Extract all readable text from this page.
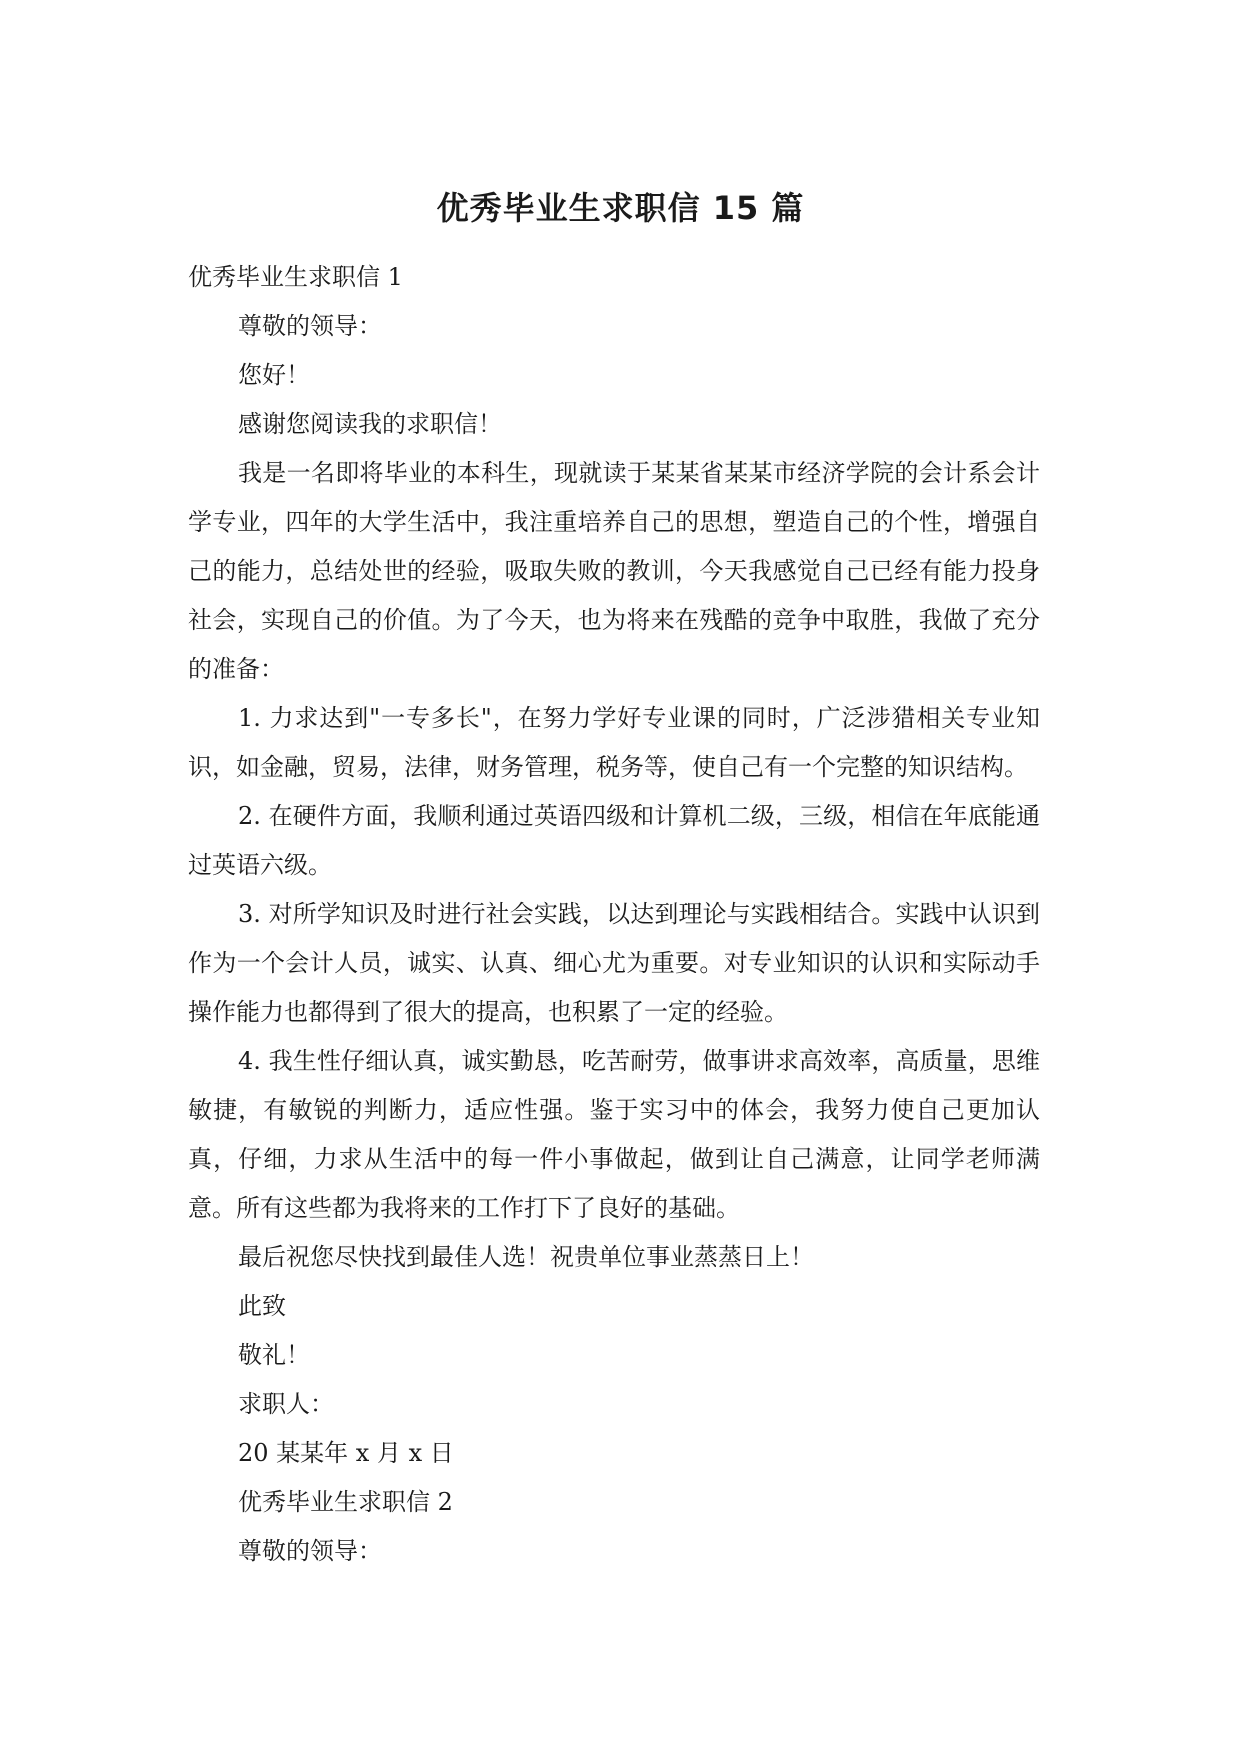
优秀毕业生求职信 15 篇

优秀毕业生求职信 1

尊敬的领导：

您好！

感谢您阅读我的求职信！

我是一名即将毕业的本科生，现就读于某某省某某市经济学院的会计系会计学专业，四年的大学生活中，我注重培养自己的思想，塑造自己的个性，增强自己的能力，总结处世的经验，吸取失败的教训，今天我感觉自己已经有能力投身社会，实现自己的价值。为了今天，也为将来在残酷的竞争中取胜，我做了充分的准备：

1. 力求达到"一专多长"，在努力学好专业课的同时，广泛涉猎相关专业知识，如金融，贸易，法律，财务管理，税务等，使自己有一个完整的知识结构。

2. 在硬件方面，我顺利通过英语四级和计算机二级，三级，相信在年底能通过英语六级。

3. 对所学知识及时进行社会实践，以达到理论与实践相结合。实践中认识到作为一个会计人员，诚实、认真、细心尤为重要。对专业知识的认识和实际动手操作能力也都得到了很大的提高，也积累了一定的经验。

4. 我生性仔细认真，诚实勤恳，吃苦耐劳，做事讲求高效率，高质量，思维敏捷，有敏锐的判断力，适应性强。鉴于实习中的体会，我努力使自己更加认真，仔细，力求从生活中的每一件小事做起，做到让自己满意，让同学老师满意。所有这些都为我将来的工作打下了良好的基础。

最后祝您尽快找到最佳人选！祝贵单位事业蒸蒸日上！

此致

敬礼！

求职人：

20 某某年 x 月 x 日

优秀毕业生求职信 2

尊敬的领导：
